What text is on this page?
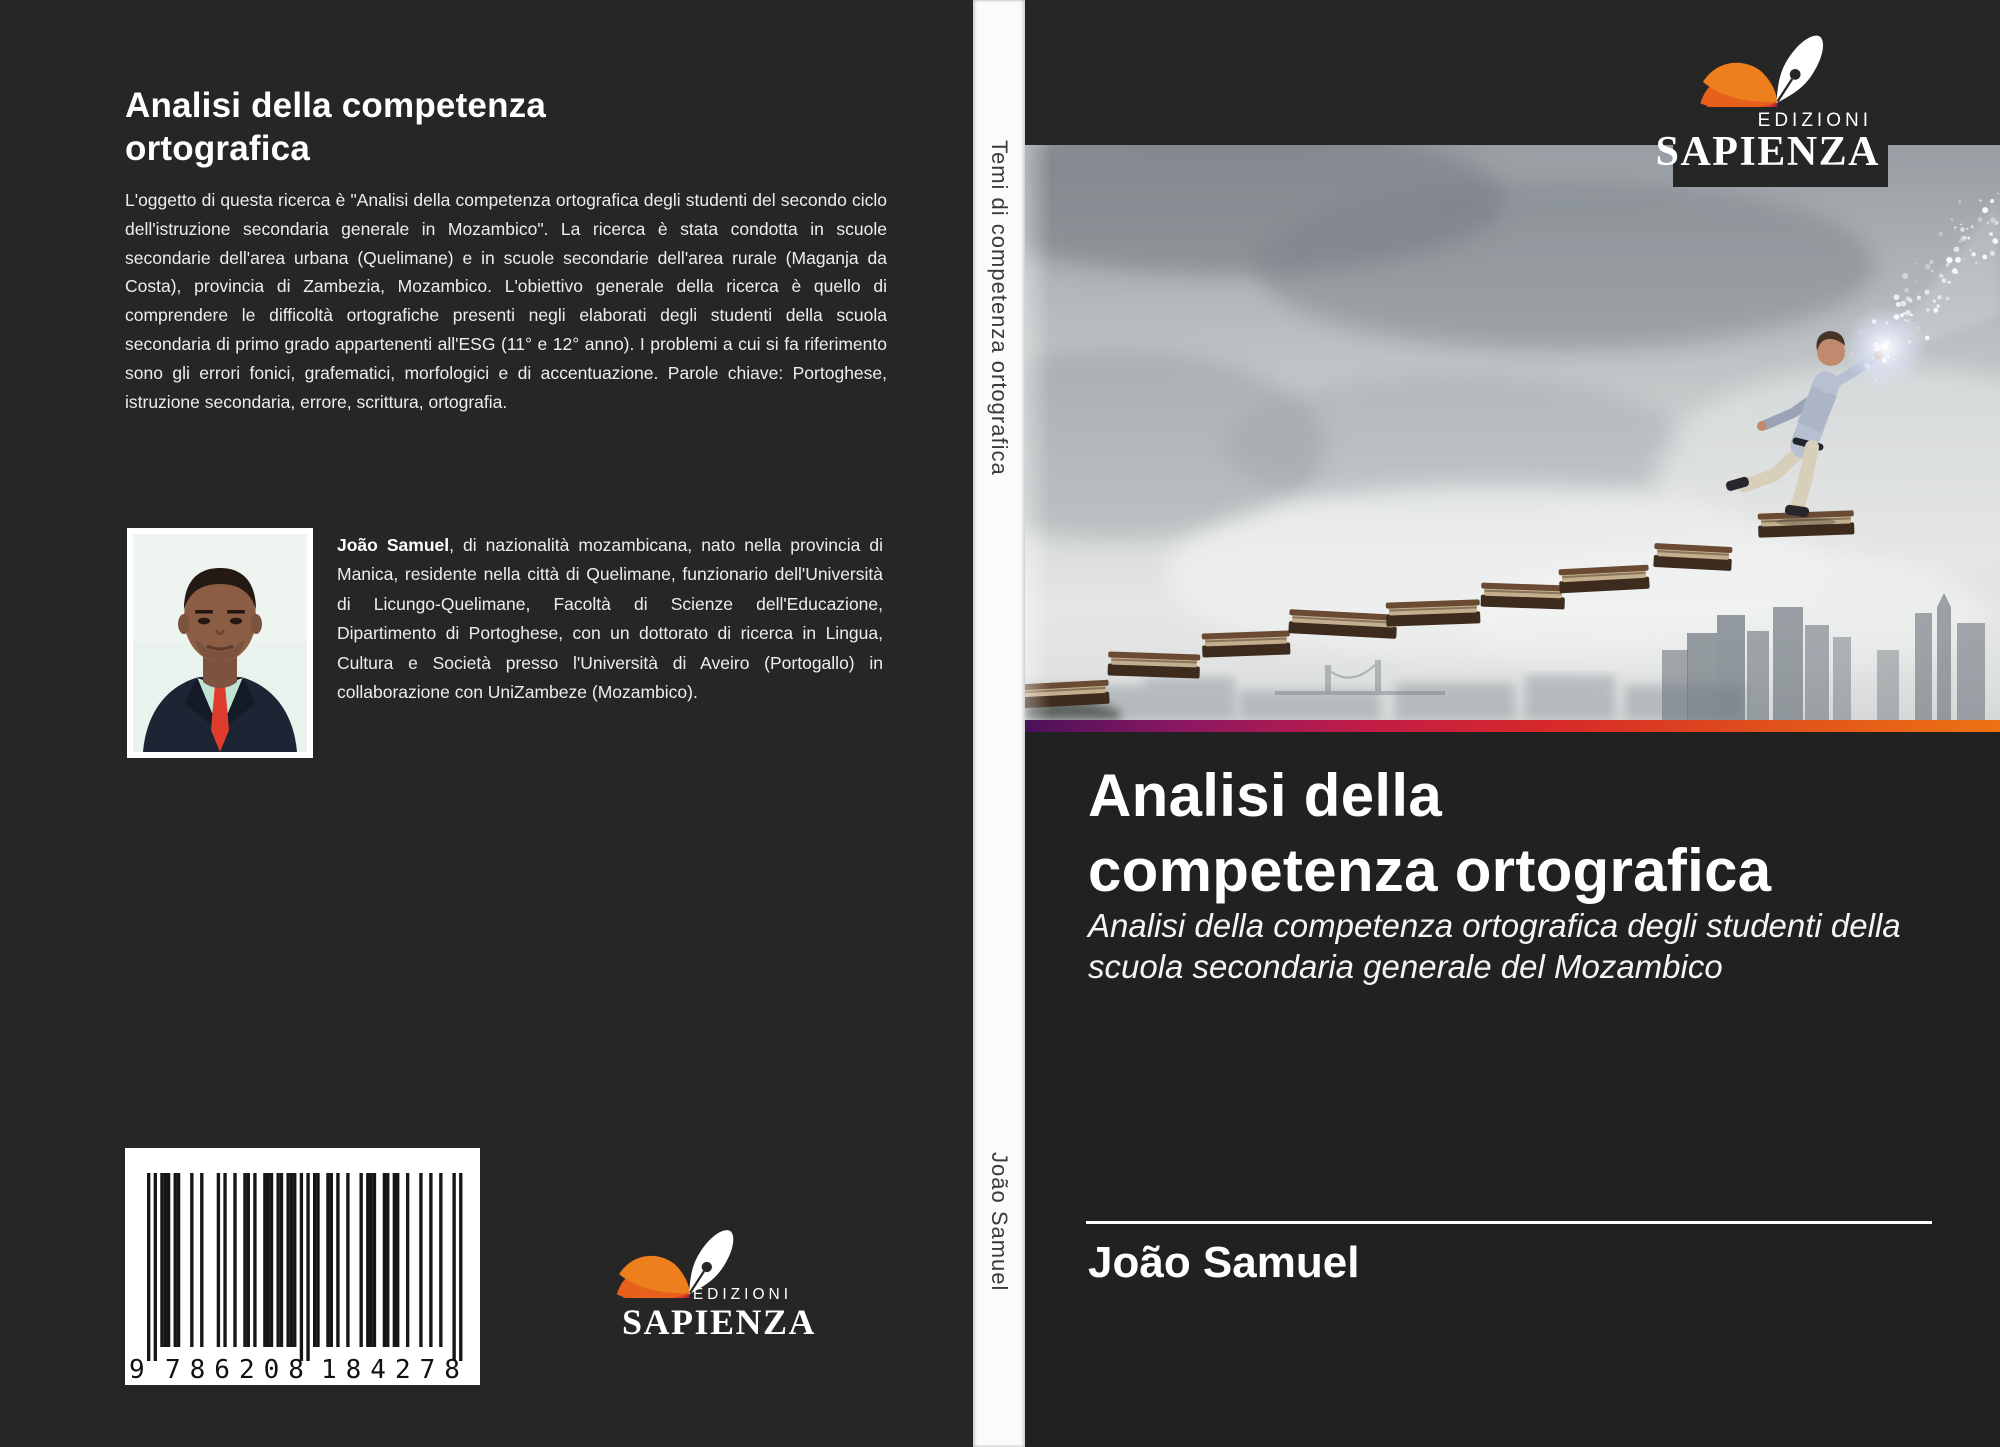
Analisi della competenza ortografica
L'oggetto di questa ricerca è "Analisi della competenza ortografica degli studenti del secondo ciclo dell'istruzione secondaria generale in Mozambico". La ricerca è stata condotta in scuole secondarie dell'area urbana (Quelimane) e in scuole secondarie dell'area rurale (Maganja da Costa), provincia di Zambezia, Mozambico. L'obiettivo generale della ricerca è quello di comprendere le difficoltà ortografiche presenti negli elaborati degli studenti della scuola secondaria di primo grado appartenenti all'ESG (11° e 12° anno). I problemi a cui si fa riferimento sono gli errori fonici, grafematici, morfologici e di accentuazione. Parole chiave: Portoghese, istruzione secondaria, errore, scrittura, ortografia.
João Samuel, di nazionalità mozambicana, nato nella provincia di Manica, residente nella città di Quelimane, funzionario dell'Università di Licungo-Quelimane, Facoltà di Scienze dell'Educazione, Dipartimento di Portoghese, con un dottorato di ricerca in Lingua, Cultura e Società presso l'Università di Aveiro (Portogallo) in collaborazione con UniZambeze (Mozambico).
9 786208 184278
EDIZIONI
SAPIENZA
Temi di competenza ortografica
João Samuel
EDIZIONI
SAPIENZA
Analisi della
competenza ortografica
Analisi della competenza ortografica degli studenti della scuola secondaria generale del Mozambico
João Samuel
